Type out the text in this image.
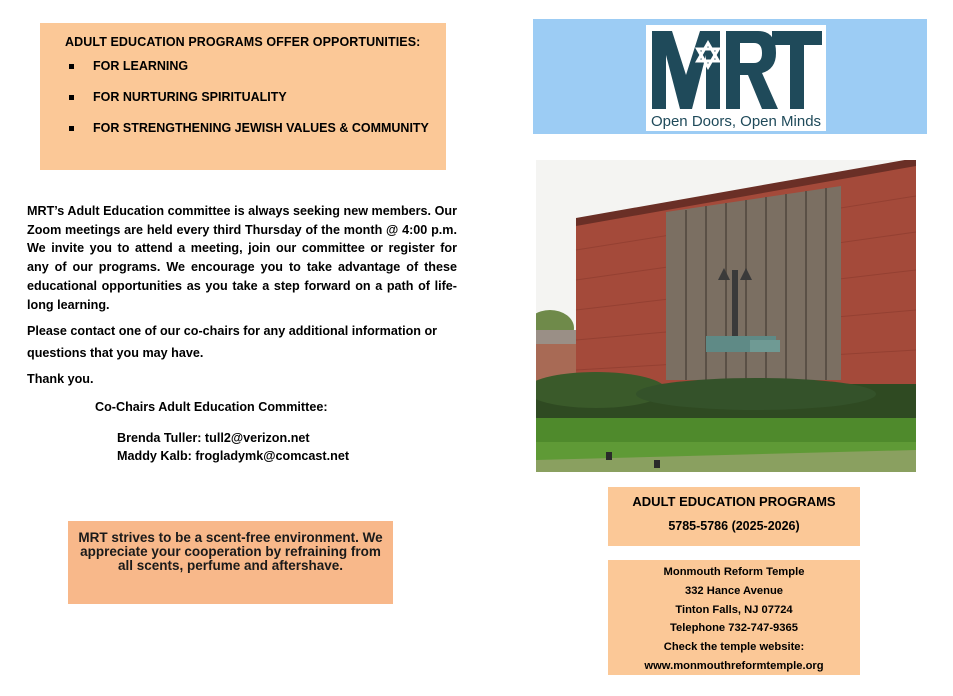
ADULT EDUCATION PROGRAMS OFFER OPPORTUNITIES:
FOR LEARNING
FOR NURTURING SPIRITUALITY
FOR STRENGTHENING JEWISH VALUES & COMMUNITY

MRT’s Adult Education committee is always seeking new members. Our Zoom meetings are held every third Thursday of the month @ 4:00 p.m. We invite you to attend a meeting, join our committee or register for any of our programs. We encourage you to take advantage of these educational opportunities as you take a step forward on a path of life-long learning.

Please contact one of our co-chairs for any additional information or questions that you may have.

Thank you.

Co-Chairs Adult Education Committee:

Brenda Tuller: tull2@verizon.net
Maddy Kalb: frogladymk@comcast.net
MRT strives to be a scent-free environment. We appreciate your cooperation by refraining from all scents, perfume and aftershave.
Open Doors, Open Minds
ADULT EDUCATION PROGRAMS
5785-5786 (2025-2026)
Monmouth Reform Temple
332 Hance Avenue
Tinton Falls, NJ 07724
Telephone 732-747-9365
Check the temple website:
www.monmouthreformtemple.org
